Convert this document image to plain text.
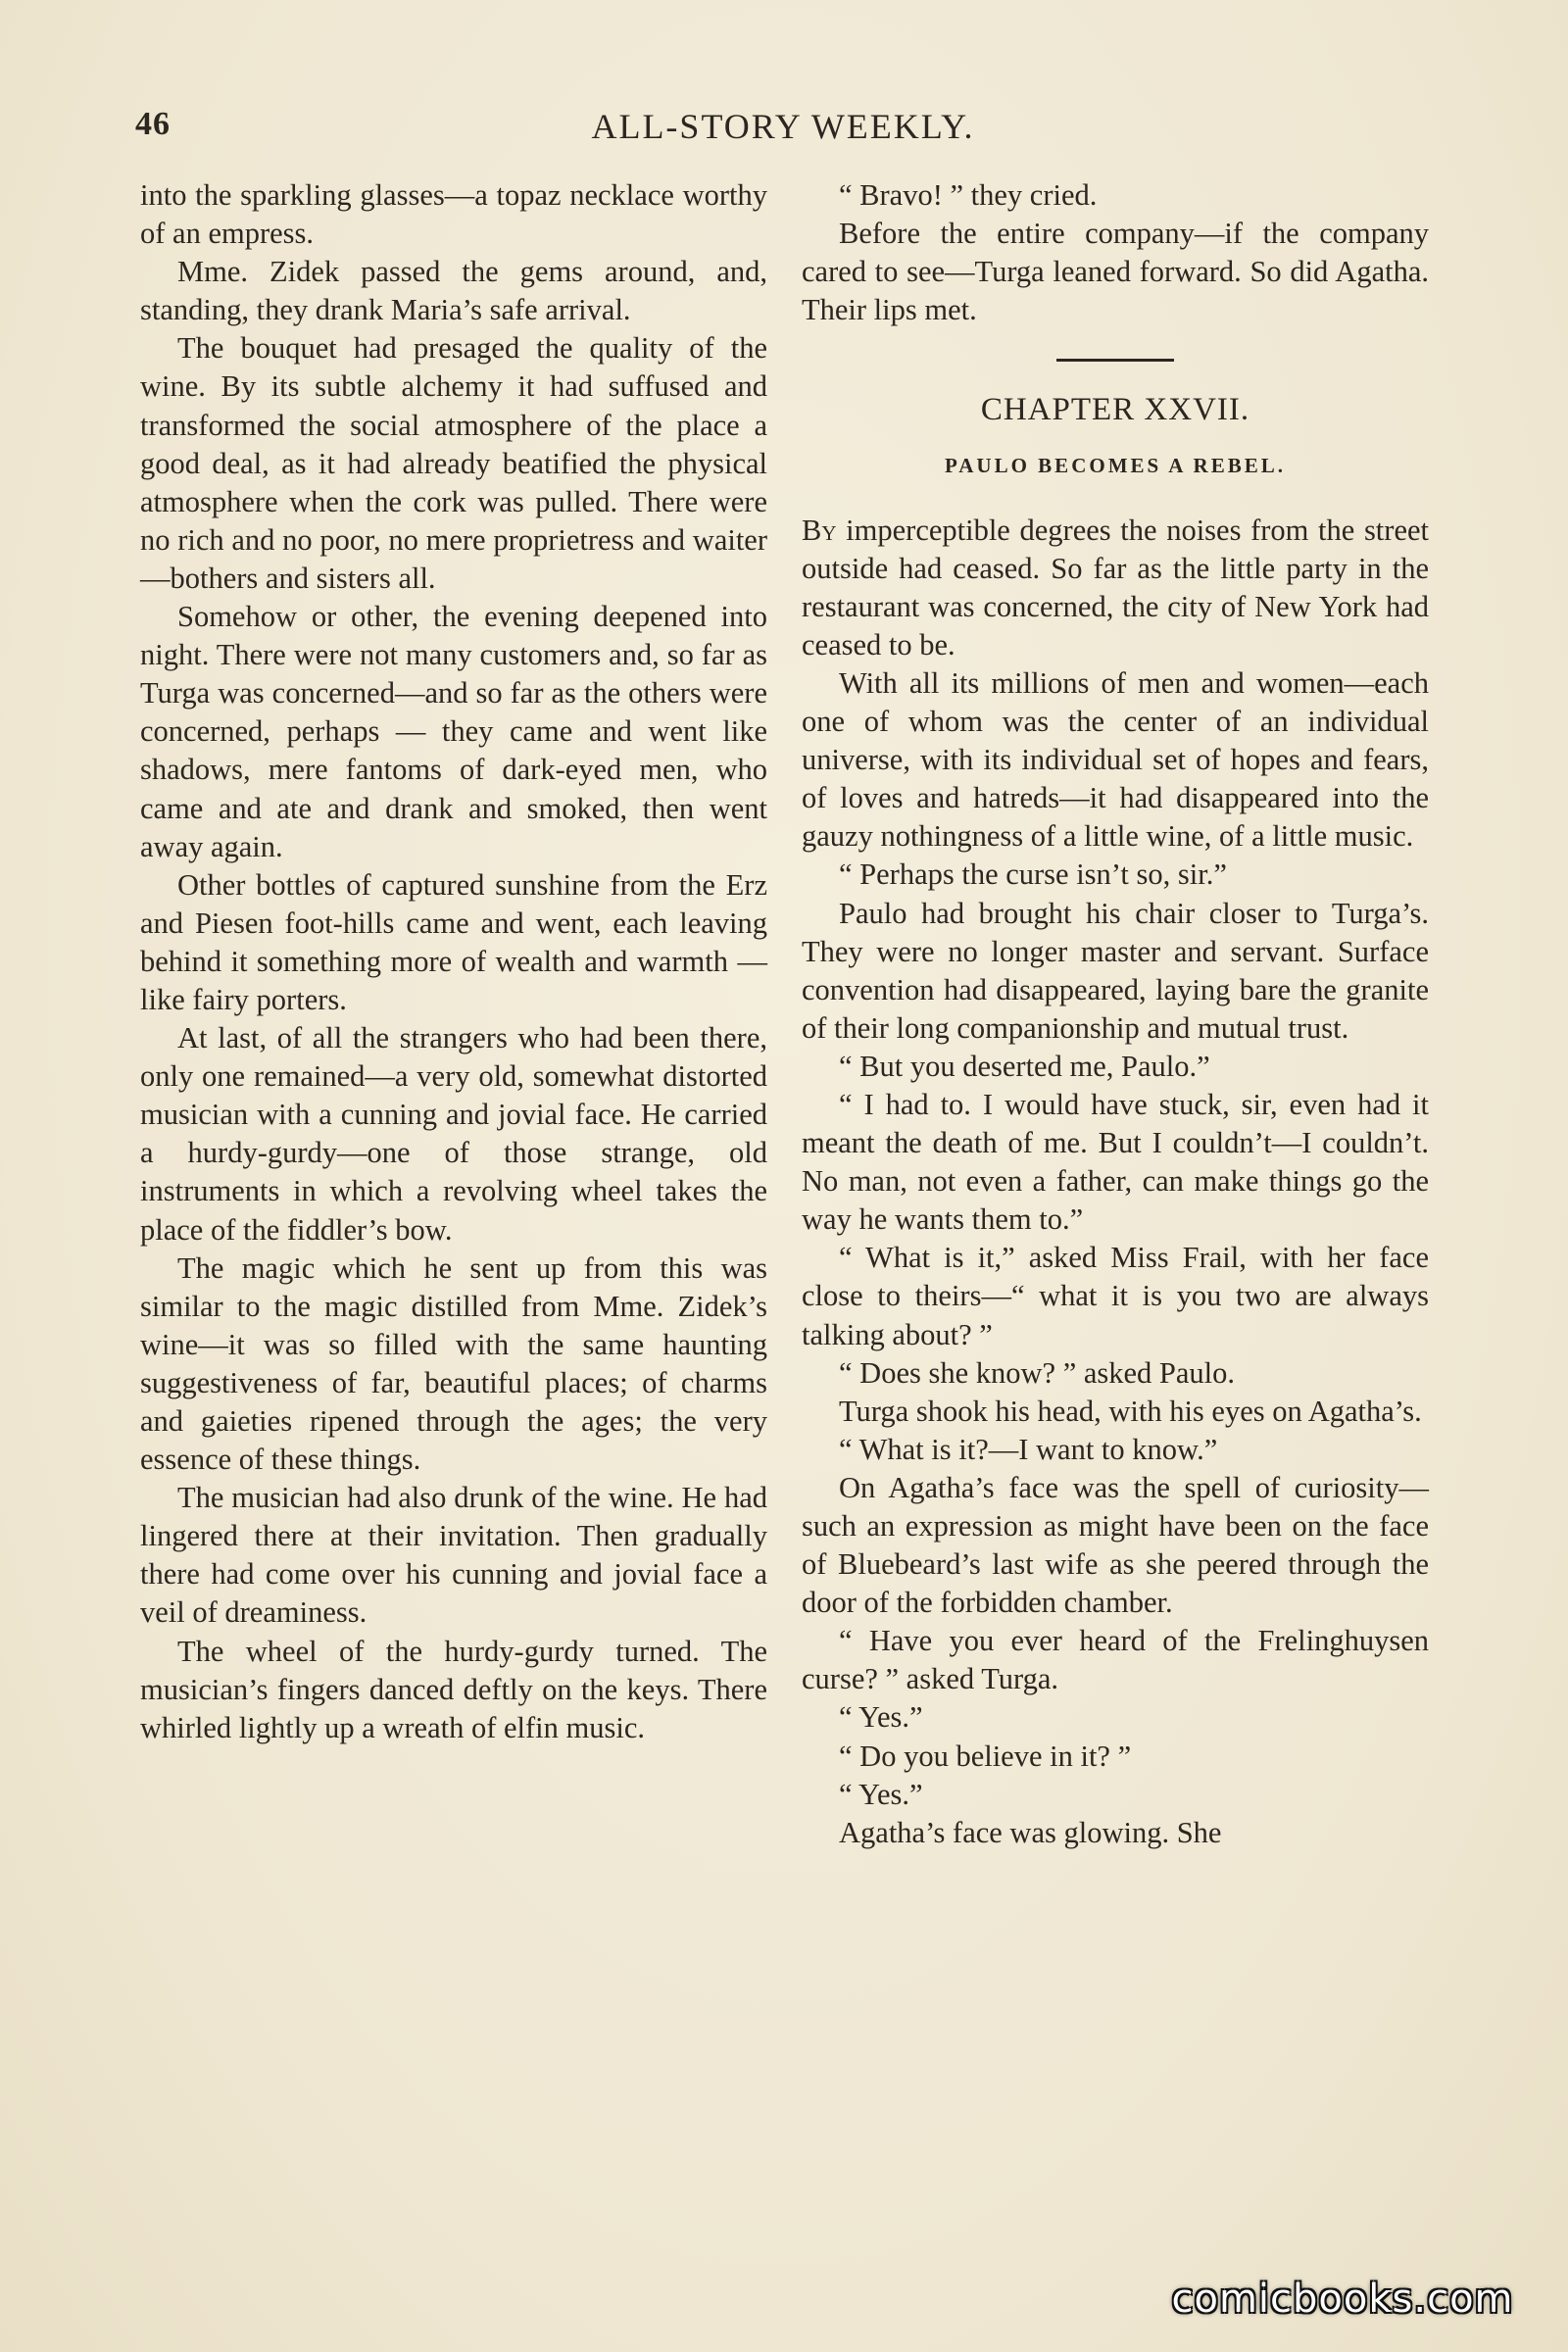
46	ALL-STORY WEEKLY.

into the sparkling glasses—a topaz necklace worthy of an empress.

Mme. Zidek passed the gems around, and, standing, they drank Maria’s safe arrival.

The bouquet had presaged the quality of the wine. By its subtle alchemy it had suffused and transformed the social atmosphere of the place a good deal, as it had already beatified the physical atmosphere when the cork was pulled. There were no rich and no poor, no mere proprietress and waiter —bothers and sisters all.

Somehow or other, the evening deepened into night. There were not many customers and, so far as Turga was concerned—and so far as the others were concerned, perhaps — they came and went like shadows, mere fantoms of dark-eyed men, who came and ate and drank and smoked, then went away again.

Other bottles of captured sunshine from the Erz and Piesen foot-hills came and went, each leaving behind it something more of wealth and warmth —like fairy porters.

At last, of all the strangers who had been there, only one remained—a very old, somewhat distorted musician with a cunning and jovial face. He carried a hurdy-gurdy—one of those strange, old instruments in which a revolving wheel takes the place of the fiddler’s bow.

The magic which he sent up from this was similar to the magic distilled from Mme. Zidek’s wine—it was so filled with the same haunting suggestiveness of far, beautiful places; of charms and gaieties ripened through the ages; the very essence of these things.

The musician had also drunk of the wine. He had lingered there at their invitation. Then gradually there had come over his cunning and jovial face a veil of dreaminess.

The wheel of the hurdy-gurdy turned. The musician’s fingers danced deftly on the keys. There whirled lightly up a wreath of elfin music.

“ Bravo! ” they cried.

Before the entire company—if the company cared to see—Turga leaned forward. So did Agatha. Their lips met.

CHAPTER XXVII.
PAULO BECOMES A REBEL.

By imperceptible degrees the noises from the street outside had ceased. So far as the little party in the restaurant was concerned, the city of New York had ceased to be.

With all its millions of men and women—each one of whom was the center of an individual universe, with its individual set of hopes and fears, of loves and hatreds—it had disappeared into the gauzy nothingness of a little wine, of a little music.

“ Perhaps the curse isn’t so, sir.”

Paulo had brought his chair closer to Turga’s. They were no longer master and servant. Surface convention had disappeared, laying bare the granite of their long companionship and mutual trust.

“ But you deserted me, Paulo.”

“ I had to. I would have stuck, sir, even had it meant the death of me. But I couldn’t—I couldn’t. No man, not even a father, can make things go the way he wants them to.”

“ What is it,” asked Miss Frail, with her face close to theirs—“ what it is you two are always talking about? ”

“ Does she know? ” asked Paulo.

Turga shook his head, with his eyes on Agatha’s.

“ What is it?—I want to know.”

On Agatha’s face was the spell of curiosity—such an expression as might have been on the face of Bluebeard’s last wife as she peered through the door of the forbidden chamber.

“ Have you ever heard of the Frelinghuysen curse? ” asked Turga.

“ Yes.”

“ Do you believe in it? ”

“ Yes.”

Agatha’s face was glowing. She

comicbooks.com
